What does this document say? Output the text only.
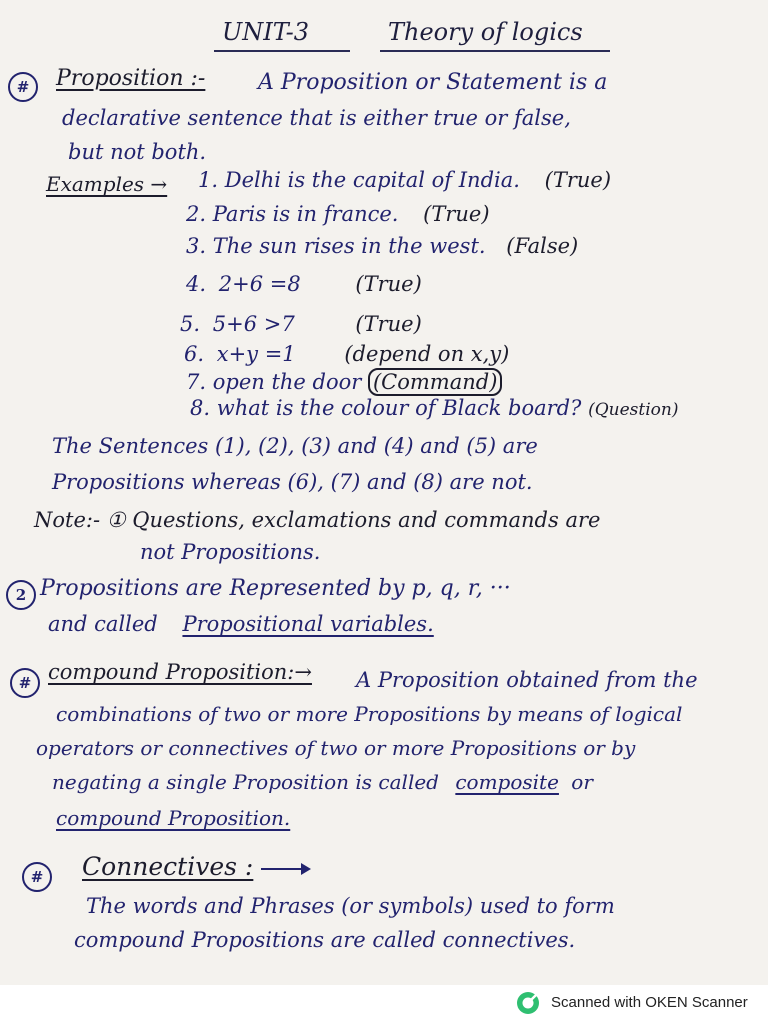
UNIT-3	Theory of logics
#	Proposition :- A Proposition or Statement is a
declarative sentence that is either true or false,
but not both.
Examples → 1. Delhi is the capital of India. (True)
2. Paris is in france. (True)
3. The sun rises in the west. (False)
4. 2+6 =8	(True)
5. 5+6 >7	(True)
6. x+y =1 (depend on x,y)
7. open the door (Command)
8. what is the colour of Black board? (Question)
The Sentences (1), (2), (3) and (4) and (5) are
Propositions whereas (6), (7) and (8) are not.
Note:- ① Questions, exclamations and commands are
not Propositions.
2 Propositions are Represented by p, q, r, ···
and called Propositional variables.
# compound Proposition:→ A Proposition obtained from the
combinations of two or more Propositions by means of logical
operators or connectives of two or more Propositions or by
negating a single Proposition is called composite or
compound Proposition.
#	Connectives :
The words and Phrases (or symbols) used to form
compound Propositions are called connectives.
Scanned with OKEN Scanner
